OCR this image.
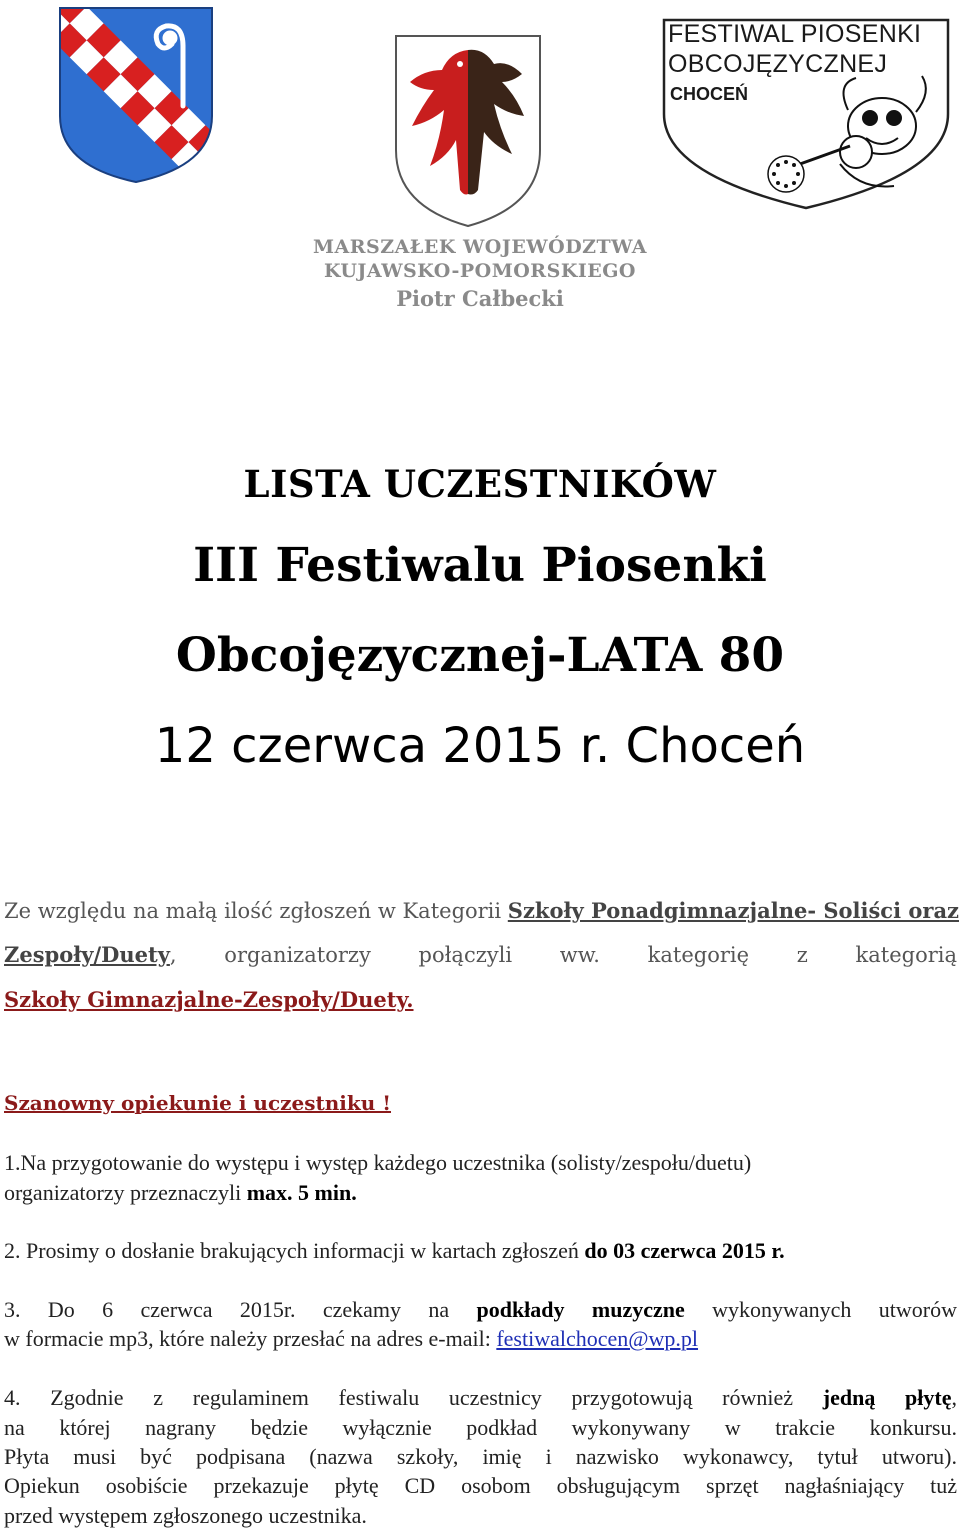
MARSZAŁEK WOJEWÓDZTWA
KUJAWSKO-POMORSKIEGO
Piotr Całbecki
FESTIWAL PIOSENKI
OBCOJĘZYCZNEJ
CHOCEŃ
LISTA UCZESTNIKÓW
III Festiwalu Piosenki
Obcojęzycznej-LATA 80
12 czerwca 2015 r. Choceń
Ze względu na małą ilość zgłoszeń w Kategorii Szkoły Ponadgimnazjalne- Soliści oraz
Zespoły/Duety, organizatorzy połączyli ww. kategorię z kategorią
Szkoły Gimnazjalne-Zespoły/Duety.
Szanowny opiekunie i uczestniku !
1.Na przygotowanie do występu i występ każdego uczestnika (solisty/zespołu/duetu)
organizatorzy przeznaczyli max. 5 min.
2. Prosimy o dosłanie brakujących informacji w kartach zgłoszeń do 03 czerwca 2015 r.
3. Do 6 czerwca 2015r. czekamy na podkłady muzyczne wykonywanych utworów
w formacie mp3, które należy przesłać na adres e-mail: festiwalchocen@wp.pl
4. Zgodnie z regulaminem festiwalu uczestnicy przygotowują również jedną płytę,
na której nagrany będzie wyłącznie podkład wykonywany w trakcie konkursu.
Płyta musi być podpisana (nazwa szkoły, imię i nazwisko wykonawcy, tytuł utworu).
Opiekun osobiście przekazuje płytę CD osobom obsługującym sprzęt nagłaśniający tuż
przed występem zgłoszonego uczestnika.
